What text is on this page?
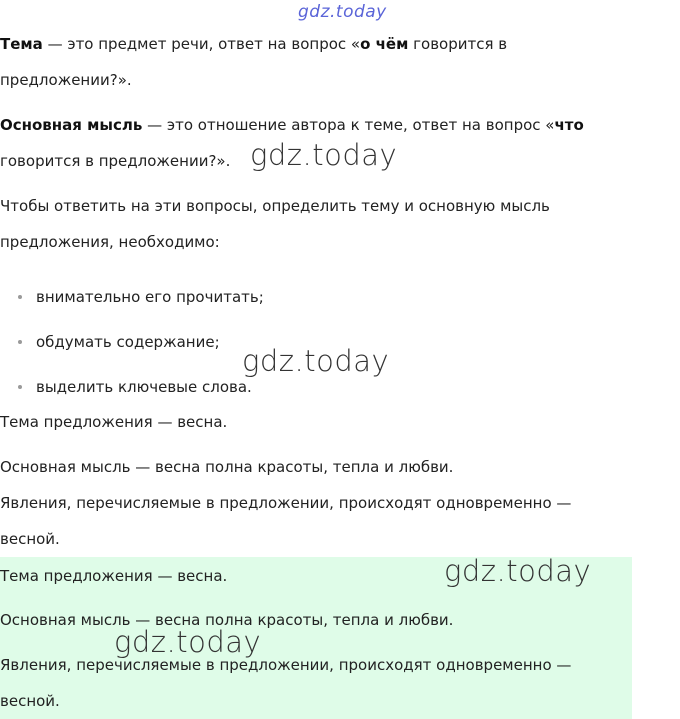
gdz.today

Тема — это предмет речи, ответ на вопрос «о чём говорится в предложении?».

Основная мысль — это отношение автора к теме, ответ на вопрос «что говорится в предложении?».

Чтобы ответить на эти вопросы, определить тему и основную мысль предложения, необходимо:

внимательно его прочитать;
обдумать содержание;
выделить ключевые слова.

Тема предложения — весна.

Основная мысль — весна полна красоты, тепла и любви.

Явления, перечисляемые в предложении, происходят одновременно — весной.

Тема предложения — весна.

Основная мысль — весна полна красоты, тепла и любви.

Явления, перечисляемые в предложении, происходят одновременно — весной.

gdz.today
gdz.today
gdz.today
gdz.today
